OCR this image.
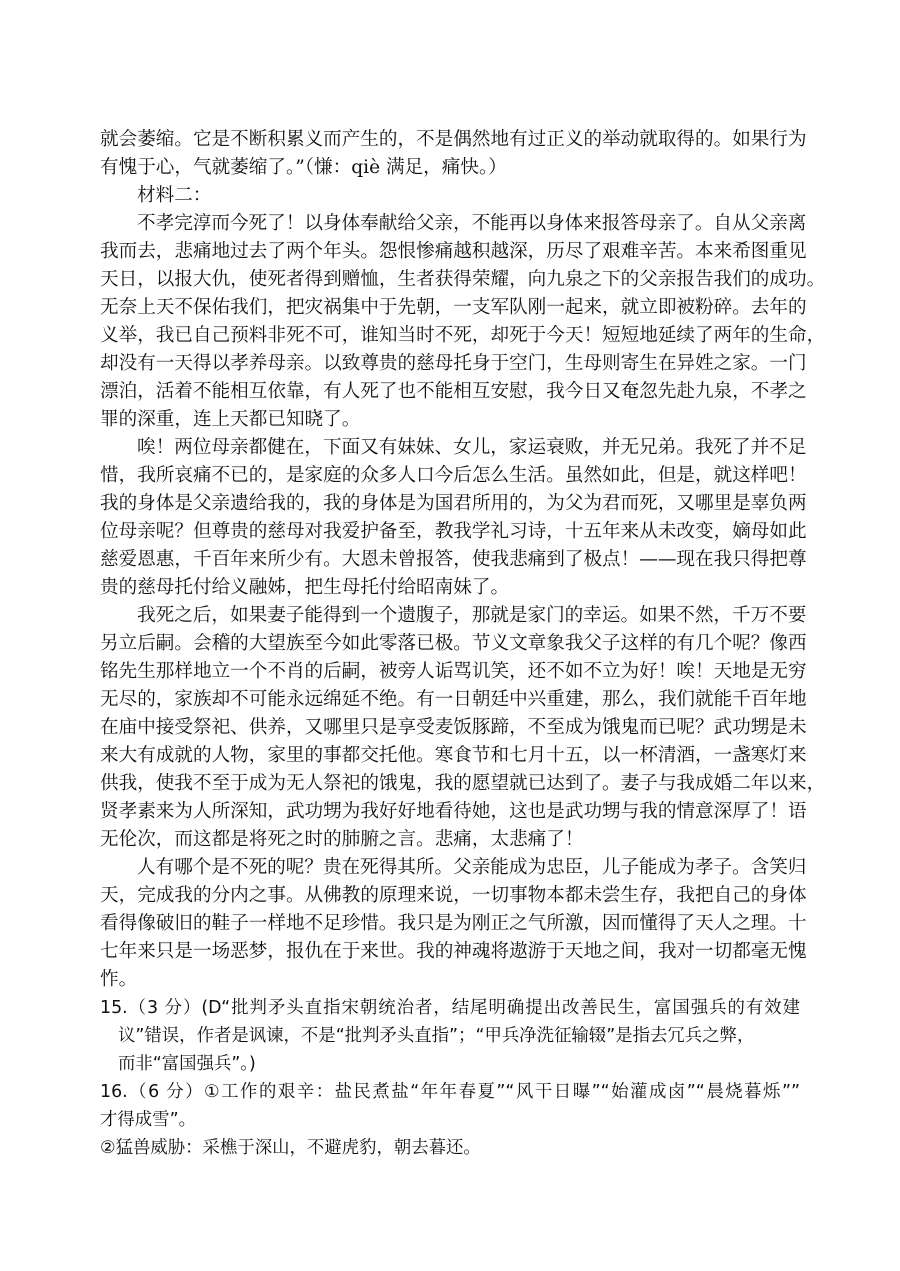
就会萎缩。它是不断积累义而产生的，不是偶然地有过正义的举动就取得的。如果行为
有愧于心，气就萎缩了。”（慊：qiè 满足，痛快。）
材料二：
不孝完淳而今死了！以身体奉献给父亲，不能再以身体来报答母亲了。自从父亲离
我而去，悲痛地过去了两个年头。怨恨惨痛越积越深，历尽了艰难辛苦。本来希图重见
天日，以报大仇，使死者得到赠恤，生者获得荣耀，向九泉之下的父亲报告我们的成功。
无奈上天不保佑我们，把灾祸集中于先朝，一支军队刚一起来，就立即被粉碎。去年的
义举，我已自己预料非死不可，谁知当时不死，却死于今天！短短地延续了两年的生命，
却没有一天得以孝养母亲。以致尊贵的慈母托身于空门，生母则寄生在异姓之家。一门
漂泊，活着不能相互依靠，有人死了也不能相互安慰，我今日又奄忽先赴九泉，不孝之
罪的深重，连上天都已知晓了。
唉！两位母亲都健在，下面又有妹妹、女儿，家运衰败，并无兄弟。我死了并不足
惜，我所哀痛不已的，是家庭的众多人口今后怎么生活。虽然如此，但是，就这样吧！
我的身体是父亲遗给我的，我的身体是为国君所用的，为父为君而死，又哪里是辜负两
位母亲呢？但尊贵的慈母对我爱护备至，教我学礼习诗，十五年来从未改变，嫡母如此
慈爱恩惠，千百年来所少有。大恩未曾报答，使我悲痛到了极点！——现在我只得把尊
贵的慈母托付给义融姊，把生母托付给昭南妹了。
我死之后，如果妻子能得到一个遗腹子，那就是家门的幸运。如果不然，千万不要
另立后嗣。会稽的大望族至今如此零落已极。节义文章象我父子这样的有几个呢？像西
铭先生那样地立一个不肖的后嗣，被旁人诟骂讥笑，还不如不立为好！唉！天地是无穷
无尽的，家族却不可能永远绵延不绝。有一日朝廷中兴重建，那么，我们就能千百年地
在庙中接受祭祀、供养，又哪里只是享受麦饭豚蹄，不至成为饿鬼而已呢？武功甥是未
来大有成就的人物，家里的事都交托他。寒食节和七月十五，以一杯清酒，一盏寒灯来
供我，使我不至于成为无人祭祀的饿鬼，我的愿望就已达到了。妻子与我成婚二年以来，
贤孝素来为人所深知，武功甥为我好好地看待她，这也是武功甥与我的情意深厚了！语
无伦次，而这都是将死之时的肺腑之言。悲痛，太悲痛了！
人有哪个是不死的呢？贵在死得其所。父亲能成为忠臣，儿子能成为孝子。含笑归
天，完成我的分内之事。从佛教的原理来说，一切事物本都未尝生存，我把自己的身体
看得像破旧的鞋子一样地不足珍惜。我只是为刚正之气所激，因而懂得了天人之理。十
七年来只是一场恶梦，报仇在于来世。我的神魂将遨游于天地之间，我对一切都毫无愧
怍。
15.（3 分）(D“批判矛头直指宋朝统治者，结尾明确提出改善民生，富国强兵的有效建
议”错误，作者是讽谏，不是“批判矛头直指”；“甲兵净洗征输辍”是指去冗兵之弊，
而非“富国强兵”。)
16.（6 分）①工作的艰辛：盐民煮盐“年年春夏”“风干日曝”“始灌成卤”“晨烧暮烁””
才得成雪”。
②猛兽威胁：采樵于深山，不避虎豹，朝去暮还。
